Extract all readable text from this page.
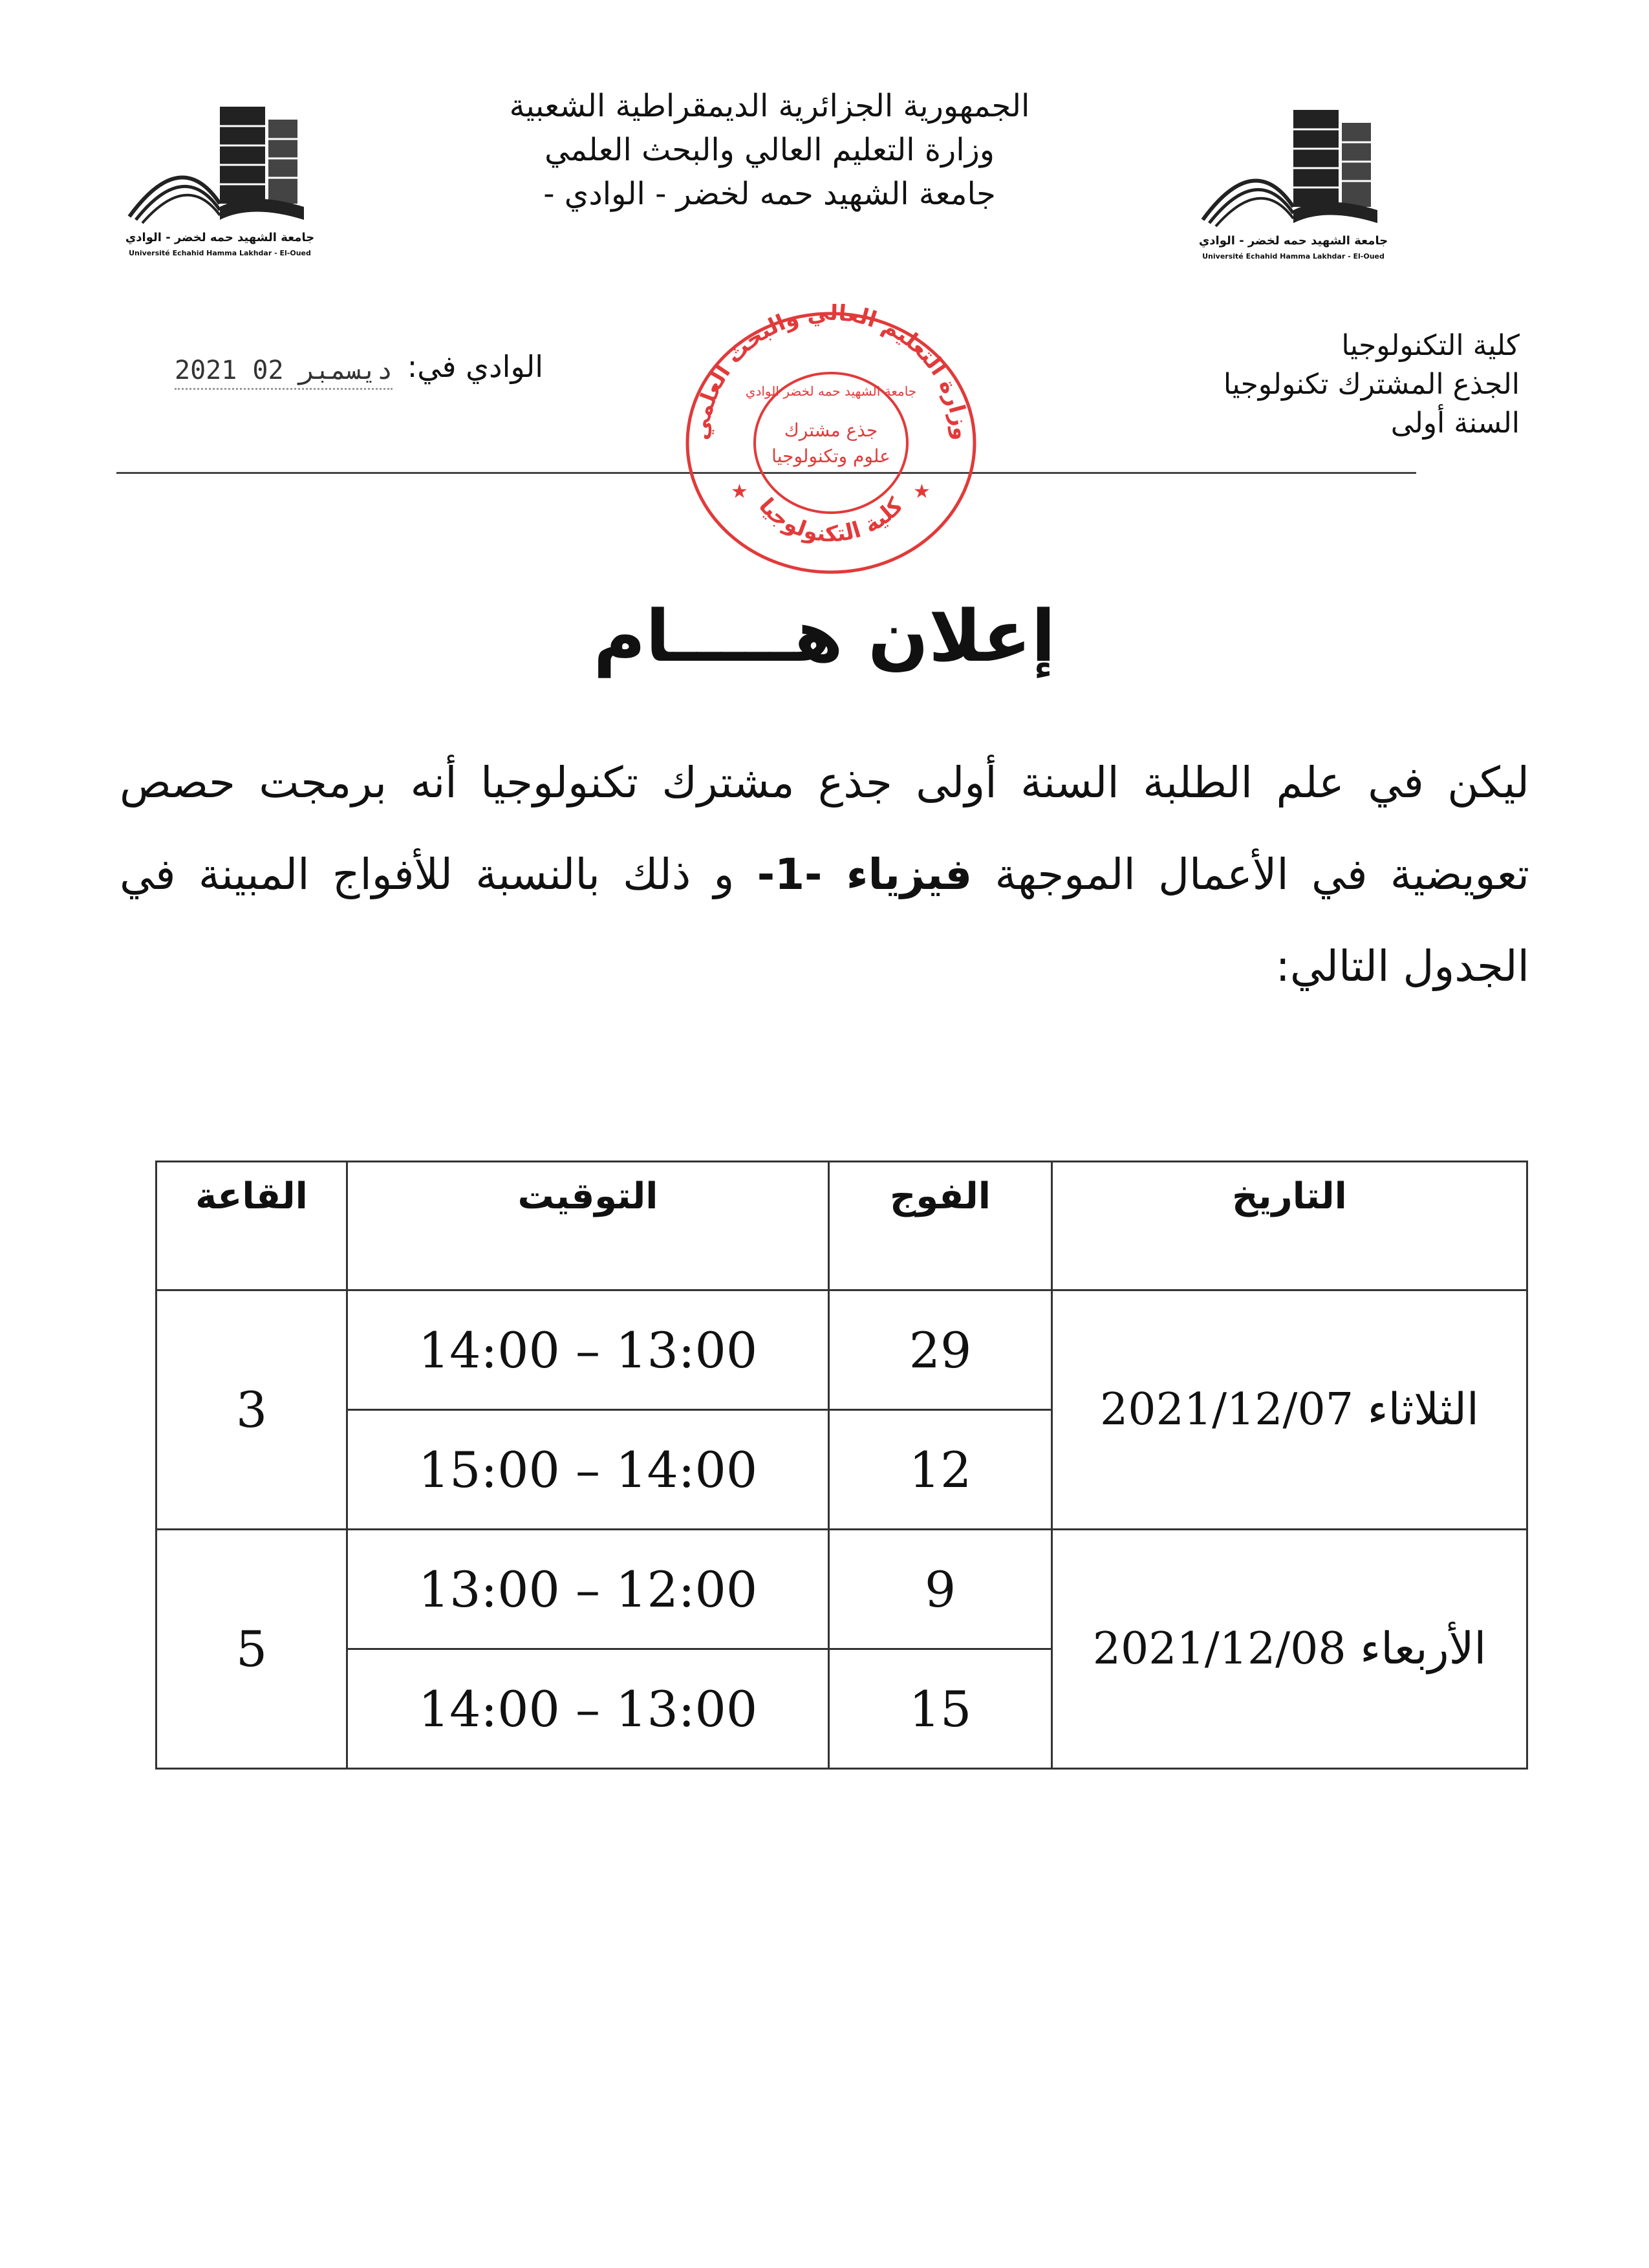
الجمهورية الجزائرية الديمقراطية الشعبية
وزارة التعليم العالي والبحث العلمي
جامعة الشهيد حمه لخضر - الوادي -
جامعة الشهيد حمه لخضر - الوادي
Université Echahid Hamma Lakhdar - El-Oued
جامعة الشهيد حمه لخضر - الوادي
Université Echahid Hamma Lakhdar - El-Oued
كلية التكنولوجيا
الجذع المشترك تكنولوجيا
السنة أولى
الوادي في:
2021 ديسمبر 02
وزارة التعليم العالي والبحث العلمي
جامعة الشهيد حمه لخضر الوادي
جذع مشترك
علوم وتكنولوجيا
كلية التكنولوجيا
★	★
إعلان هـــــام
ليكن في علم الطلبة السنة أولى جذع مشترك تكنولوجيا أنه برمجت حصص تعويضية في الأعمال الموجهة فيزياء -1- و ذلك بالنسبة للأفواج المبينة في الجدول التالي:
التاريخ	الفوج	التوقيت	القاعة
الثلاثاء 2021/12/07	29	14:00 – 13:00	3
	12	15:00 – 14:00	
الأربعاء 2021/12/08	9	13:00 – 12:00	5
	15	14:00 – 13:00	
